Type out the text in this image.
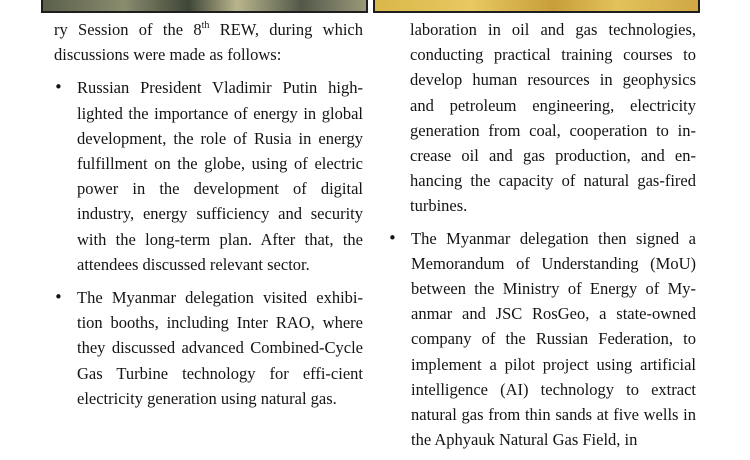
ry Session of the 8th REW, during which discussions were made as follows:

• Russian President Vladimir Putin high-lighted the importance of energy in global development, the role of Rusia in energy fulfillment on the globe, using of electric power in the development of digital industry, energy sufficiency and security with the long-term plan. After that, the attendees discussed relevant sector.
• The Myanmar delegation visited exhibi-tion booths, including Inter RAO, where they discussed advanced Combined-Cycle Gas Turbine technology for effi-cient electricity generation using natural gas.

laboration in oil and gas technologies, conducting practical training courses to develop human resources in geophysics and petroleum engineering, electricity generation from coal, cooperation to in-crease oil and gas production, and en-hancing the capacity of natural gas-fired turbines.

• The Myanmar delegation then signed a Memorandum of Understanding (MoU) between the Ministry of Energy of My-anmar and JSC RosGeo, a state-owned company of the Russian Federation, to implement a pilot project using artificial intelligence (AI) technology to extract natural gas from thin sands at five wells in the Aphyauk Natural Gas Field, in
